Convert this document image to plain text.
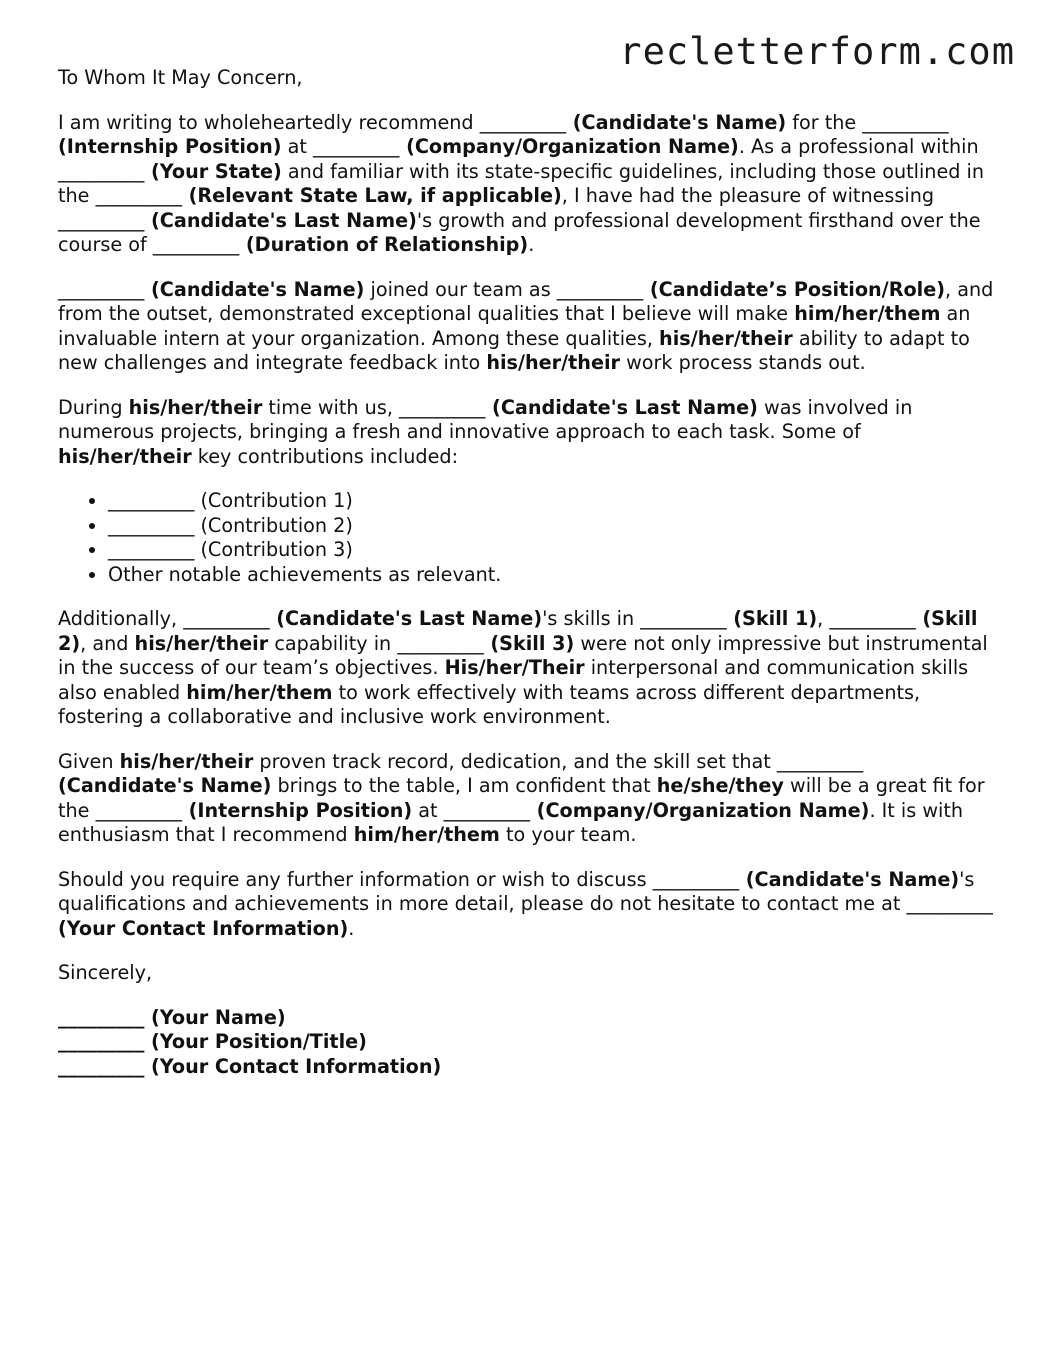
recletterform.com

To Whom It May Concern,

I am writing to wholeheartedly recommend _________ (Candidate's Name) for the _________ (Internship Position) at _________ (Company/Organization Name). As a professional within _________ (Your State) and familiar with its state-specific guidelines, including those outlined in the _________ (Relevant State Law, if applicable), I have had the pleasure of witnessing _________ (Candidate's Last Name)'s growth and professional development firsthand over the course of _________ (Duration of Relationship).

_________ (Candidate's Name) joined our team as _________ (Candidate’s Position/Role), and from the outset, demonstrated exceptional qualities that I believe will make him/her/them an invaluable intern at your organization. Among these qualities, his/her/their ability to adapt to new challenges and integrate feedback into his/her/their work process stands out.

During his/her/their time with us, _________ (Candidate's Last Name) was involved in numerous projects, bringing a fresh and innovative approach to each task. Some of his/her/their key contributions included:

• _________ (Contribution 1)
• _________ (Contribution 2)
• _________ (Contribution 3)
• Other notable achievements as relevant.

Additionally, _________ (Candidate's Last Name)'s skills in _________ (Skill 1), _________ (Skill 2), and his/her/their capability in _________ (Skill 3) were not only impressive but instrumental in the success of our team’s objectives. His/her/Their interpersonal and communication skills also enabled him/her/them to work effectively with teams across different departments, fostering a collaborative and inclusive work environment.

Given his/her/their proven track record, dedication, and the skill set that _________ (Candidate's Name) brings to the table, I am confident that he/she/they will be a great fit for the _________ (Internship Position) at _________ (Company/Organization Name). It is with enthusiasm that I recommend him/her/them to your team.

Should you require any further information or wish to discuss _________ (Candidate's Name)'s qualifications and achievements in more detail, please do not hesitate to contact me at _________ (Your Contact Information).

Sincerely,

_________ (Your Name)

_________ (Your Position/Title)

_________ (Your Contact Information)
